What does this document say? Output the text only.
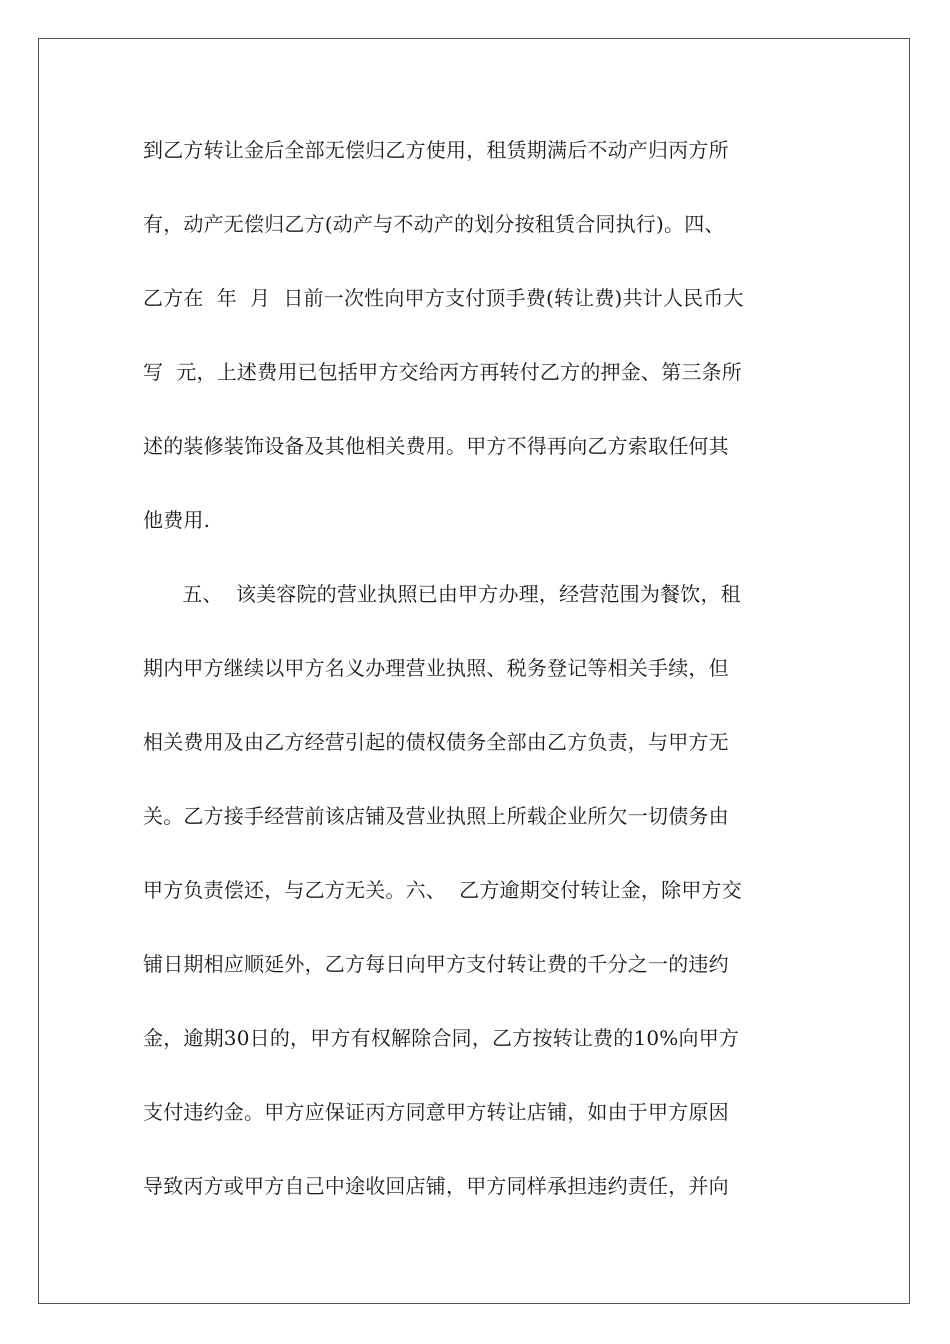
到乙方转让金后全部无偿归乙方使用，租赁期满后不动产归丙方所
有，动产无偿归乙方(动产与不动产的划分按租赁合同执行)。四、
乙方在  年  月  日前一次性向甲方支付顶手费(转让费)共计人民币大
写  元，上述费用已包括甲方交给丙方再转付乙方的押金、第三条所
述的装修装饰设备及其他相关费用。甲方不得再向乙方索取任何其
他费用.
五、  该美容院的营业执照已由甲方办理，经营范围为餐饮，租
期内甲方继续以甲方名义办理营业执照、税务登记等相关手续，但
相关费用及由乙方经营引起的债权债务全部由乙方负责，与甲方无
关。乙方接手经营前该店铺及营业执照上所载企业所欠一切债务由
甲方负责偿还，与乙方无关。六、  乙方逾期交付转让金，除甲方交
铺日期相应顺延外，乙方每日向甲方支付转让费的千分之一的违约
金，逾期30日的，甲方有权解除合同，乙方按转让费的10%向甲方
支付违约金。甲方应保证丙方同意甲方转让店铺，如由于甲方原因
导致丙方或甲方自己中途收回店铺，甲方同样承担违约责任，并向
